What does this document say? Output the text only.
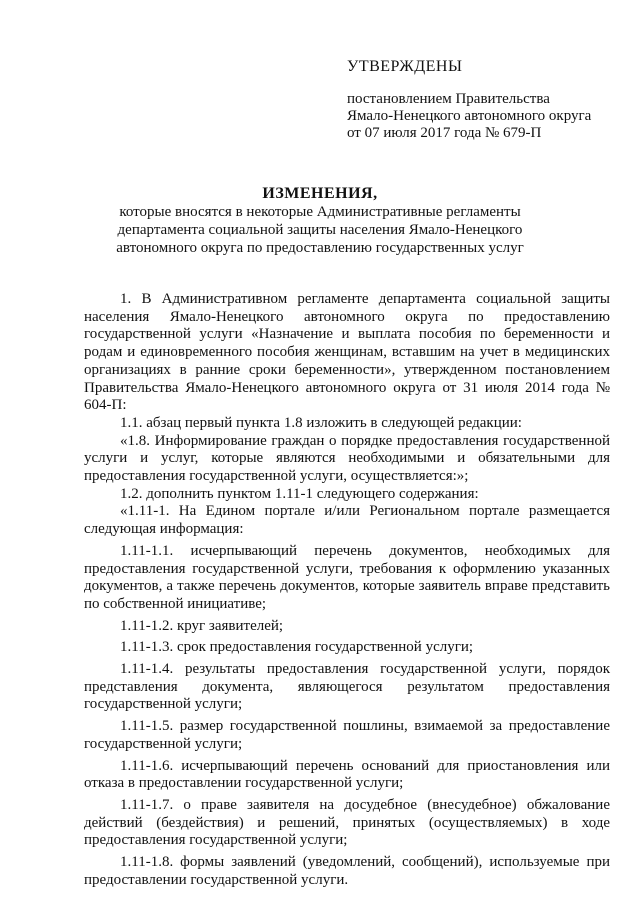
УТВЕРЖДЕНЫ
постановлением Правительства
Ямало-Ненецкого автономного округа
от 07 июля 2017 года № 679-П
ИЗМЕНЕНИЯ,
которые вносятся в некоторые Административные регламенты департамента социальной защиты населения Ямало-Ненецкого автономного округа по предоставлению государственных услуг

1. В Административном регламенте департамента социальной защиты населения Ямало-Ненецкого автономного округа по предоставлению государственной услуги «Назначение и выплата пособия по беременности и родам и единовременного пособия женщинам, вставшим на учет в медицинских организациях в ранние сроки беременности», утвержденном постановлением Правительства Ямало-Ненецкого автономного округа от 31 июля 2014 года № 604-П:

1.1. абзац первый пункта 1.8 изложить в следующей редакции:

«1.8. Информирование граждан о порядке предоставления государственной услуги и услуг, которые являются необходимыми и обязательными для предоставления государственной услуги, осуществляется:»;

1.2. дополнить пунктом 1.11-1 следующего содержания:

«1.11-1. На Едином портале и/или Региональном портале размещается следующая информация:

1.11-1.1. исчерпывающий перечень документов, необходимых для предоставления государственной услуги, требования к оформлению указанных документов, а также перечень документов, которые заявитель вправе представить по собственной инициативе;

1.11-1.2. круг заявителей;

1.11-1.3. срок предоставления государственной услуги;

1.11-1.4. результаты предоставления государственной услуги, порядок представления документа, являющегося результатом предоставления государственной услуги;

1.11-1.5. размер государственной пошлины, взимаемой за предоставление государственной услуги;

1.11-1.6. исчерпывающий перечень оснований для приостановления или отказа в предоставлении государственной услуги;

1.11-1.7. о праве заявителя на досудебное (внесудебное) обжалование действий (бездействия) и решений, принятых (осуществляемых) в ходе предоставления государственной услуги;

1.11-1.8. формы заявлений (уведомлений, сообщений), используемые при предоставлении государственной услуги.
